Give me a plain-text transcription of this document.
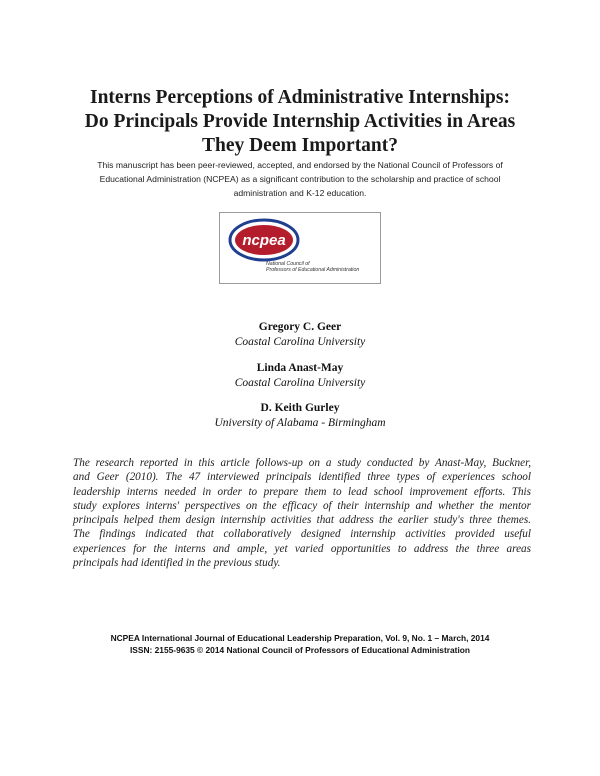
Interns Perceptions of Administrative Internships:
Do Principals Provide Internship Activities in Areas
They Deem Important?
This manuscript has been peer-reviewed, accepted, and endorsed by the National Council of Professors of
Educational Administration (NCPEA) as a significant contribution to the scholarship and practice of school
administration and K-12 education.
ncpea
National Council of
Professors of Educational Administration
Gregory C. Geer
Coastal Carolina University
Linda Anast-May
Coastal Carolina University
D. Keith Gurley
University of Alabama - Birmingham
The research reported in this article follows-up on a study conducted by Anast-May, Buckner,
and Geer (2010). The 47 interviewed principals identified three types of experiences school
leadership interns needed in order to prepare them to lead school improvement efforts. This
study explores interns' perspectives on the efficacy of their internship and whether the mentor
principals helped them design internship activities that address the earlier study's three themes.
The findings indicated that collaboratively designed internship activities provided useful
experiences for the interns and ample, yet varied opportunities to address the three areas
principals had identified in the previous study.
NCPEA International Journal of Educational Leadership Preparation, Vol. 9, No. 1 – March, 2014
ISSN: 2155-9635 © 2014 National Council of Professors of Educational Administration
